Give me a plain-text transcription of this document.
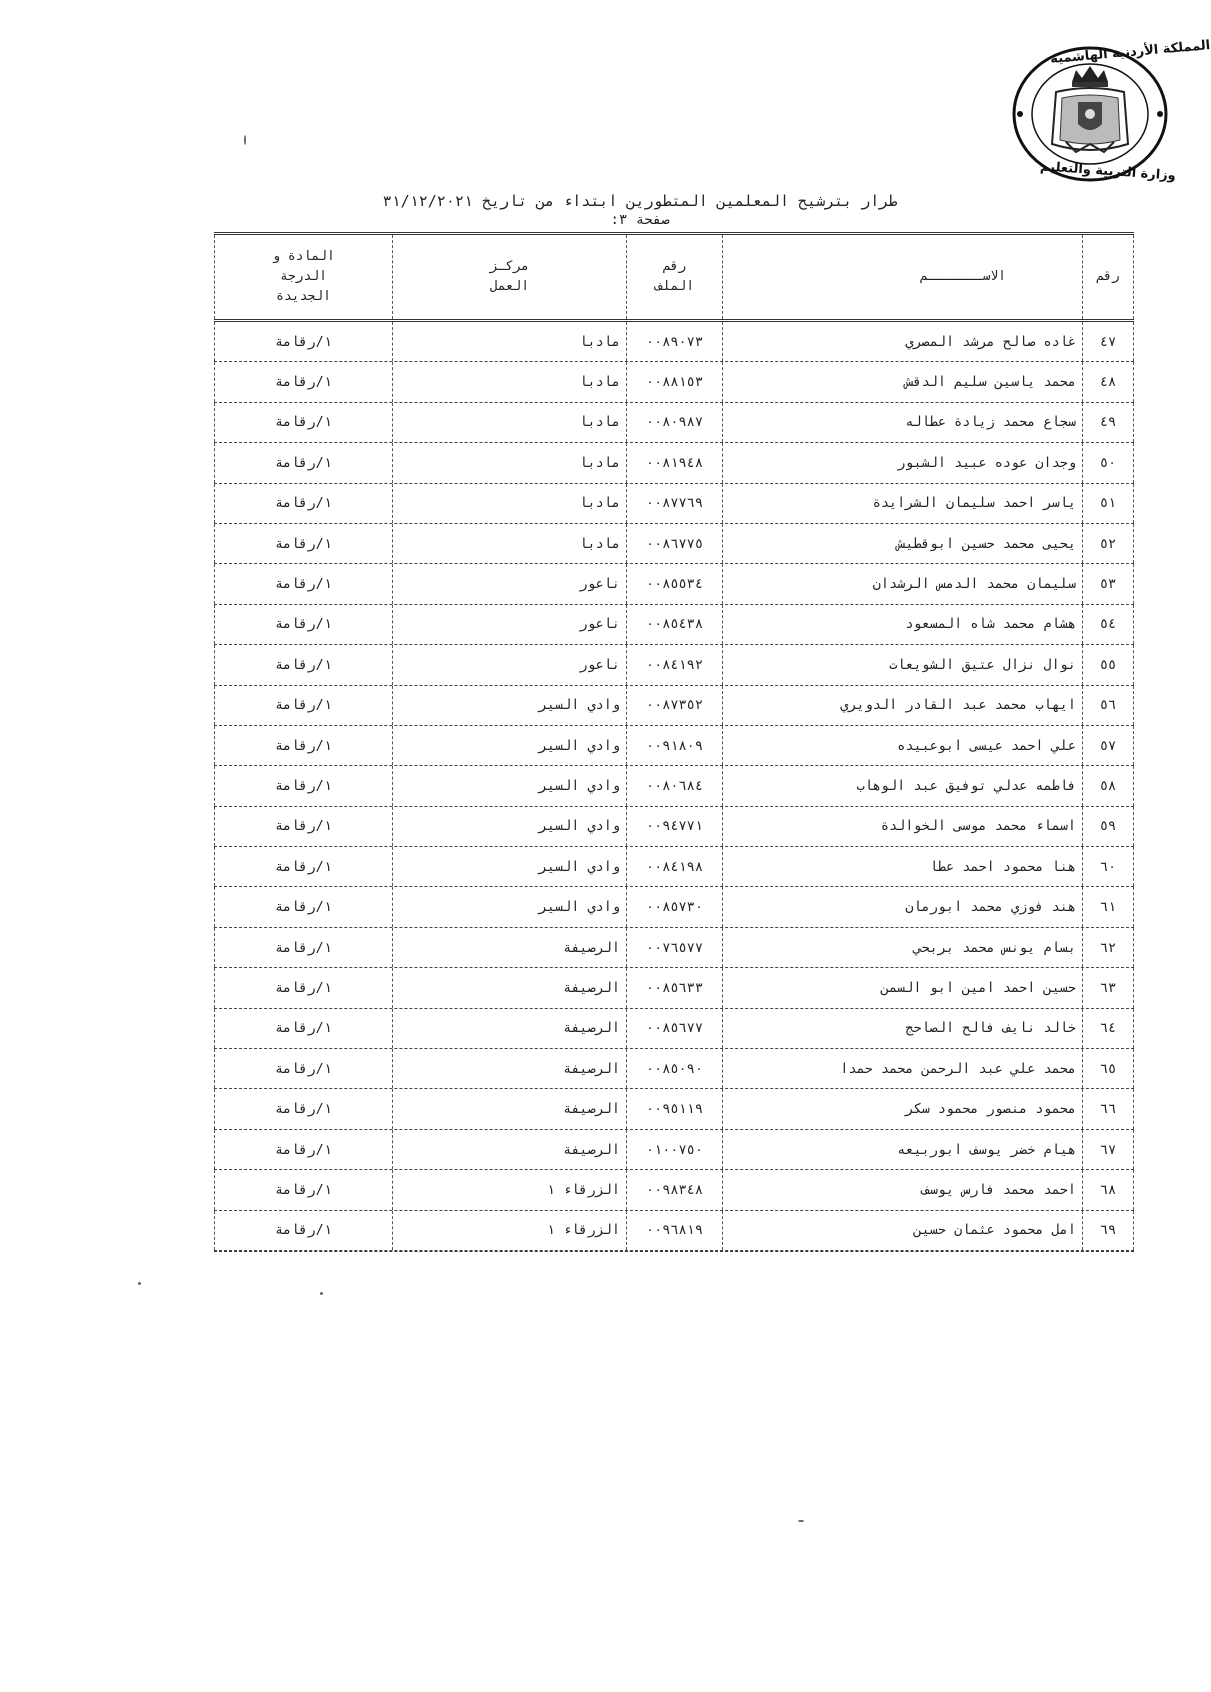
المملكة الأردنية الهاشمية
وزارة التربية والتعليم
طرار بترشيح المعلمين المتطورين ابتداء من تاريخ ٣١/١٢/٢٠٢١
صفحة ٣:
رقم
الاســـــــم
رقم
الملف
مركـز
العمل
المادة و
الدرجة
الجديدة
٤٧
غاده صالح مرشد المصري
٠٠٨٩٠٧٣
مادبا
١/رقامة
٤٨
محمد ياسين سليم الدقش
٠٠٨٨١٥٣
مادبا
١/رقامة
٤٩
سجاع محمد زيادة عطاله
٠٠٨٠٩٨٧
مادبا
١/رقامة
٥٠
وجدان عوده عبيد الشبور
٠٠٨١٩٤٨
مادبا
١/رقامة
٥١
ياسر احمد سليمان الشرايدة
٠٠٨٧٧٦٩
مادبا
١/رقامة
٥٢
يحيى محمد حسين ابوقطيش
٠٠٨٦٧٧٥
مادبا
١/رقامة
٥٣
سليمان محمد الدمس الرشدان
٠٠٨٥٥٣٤
ناعور
١/رقامة
٥٤
هشام محمد شاه المسعود
٠٠٨٥٤٣٨
ناعور
١/رقامة
٥٥
نوال نزال عتيق الشويعات
٠٠٨٤١٩٢
ناعور
١/رقامة
٥٦
ايهاب محمد عبد القادر الدويري
٠٠٨٧٣٥٢
وادي السير
١/رقامة
٥٧
علي احمد عيسى ابوعبيده
٠٠٩١٨٠٩
وادي السير
١/رقامة
٥٨
فاطمه عدلي توفيق عبد الوهاب
٠٠٨٠٦٨٤
وادي السير
١/رقامة
٥٩
اسماء محمد موسى الخوالدة
٠٠٩٤٧٧١
وادي السير
١/رقامة
٦٠
هنا محمود احمد عطا
٠٠٨٤١٩٨
وادي السير
١/رقامة
٦١
هند فوزي محمد ابورمان
٠٠٨٥٧٣٠
وادي السير
١/رقامة
٦٢
بسام يونس محمد بربحي
٠٠٧٦٥٧٧
الرصيفة
١/رقامة
٦٣
حسين احمد امين ابو السمن
٠٠٨٥٦٣٣
الرصيفة
١/رقامة
٦٤
خالد نايف فالح الصاحج
٠٠٨٥٦٧٧
الرصيفة
١/رقامة
٦٥
محمد علي عبد الرحمن محمد حمدا
٠٠٨٥٠٩٠
الرصيفة
١/رقامة
٦٦
محمود منصور محمود سكر
٠٠٩٥١١٩
الرصيفة
١/رقامة
٦٧
هيام خضر يوسف ابوربيعه
٠١٠٠٧٥٠
الرصيفة
١/رقامة
٦٨
احمد محمد فارس يوسف
٠٠٩٨٣٤٨
الزرقاء ١
١/رقامة
٦٩
امل محمود عثمان حسين
٠٠٩٦٨١٩
الزرقاء ١
١/رقامة
